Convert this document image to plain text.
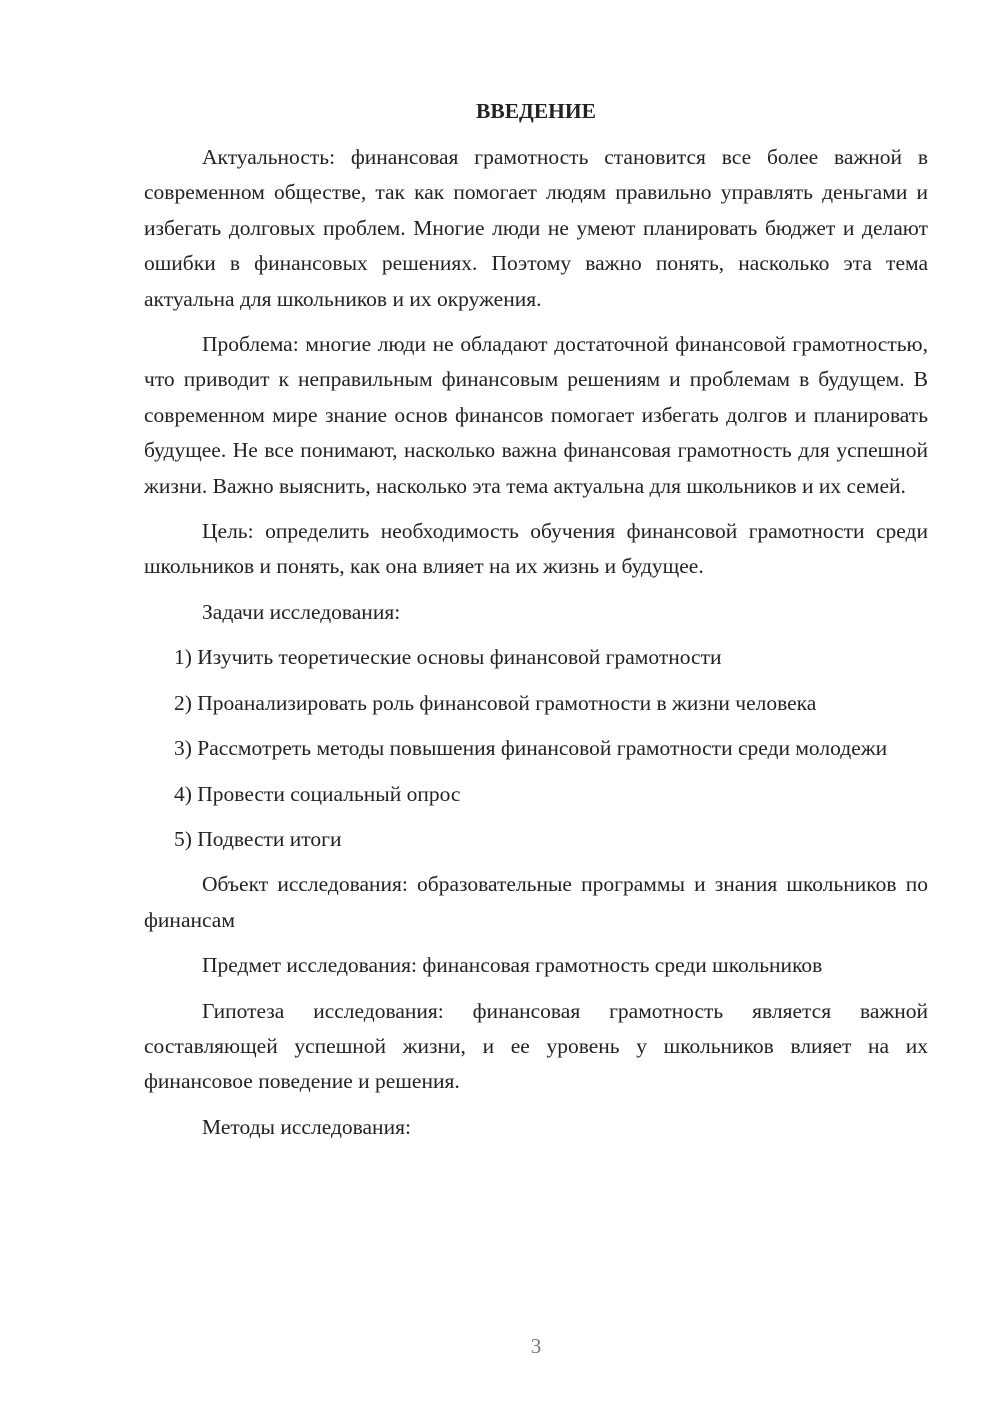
ВВЕДЕНИЕ

Актуальность: финансовая грамотность становится все более важной в современном обществе, так как помогает людям правильно управлять деньгами и избегать долговых проблем. Многие люди не умеют планировать бюджет и делают ошибки в финансовых решениях. Поэтому важно понять, насколько эта тема актуальна для школьников и их окружения.

Проблема: многие люди не обладают достаточной финансовой грамотностью, что приводит к неправильным финансовым решениям и проблемам в будущем. В современном мире знание основ финансов помогает избегать долгов и планировать будущее. Не все понимают, насколько важна финансовая грамотность для успешной жизни. Важно выяснить, насколько эта тема актуальна для школьников и их семей.

Цель: определить необходимость обучения финансовой грамотности среди школьников и понять, как она влияет на их жизнь и будущее.

Задачи исследования:

1) Изучить теоретические основы финансовой грамотности

2) Проанализировать роль финансовой грамотности в жизни человека

3) Рассмотреть методы повышения финансовой грамотности среди молодежи

4) Провести социальный опрос

5) Подвести итоги

Объект исследования: образовательные программы и знания школьников по финансам

Предмет исследования: финансовая грамотность среди школьников

Гипотеза исследования: финансовая грамотность является важной составляющей успешной жизни, и ее уровень у школьников влияет на их финансовое поведение и решения.

Методы исследования:

3
